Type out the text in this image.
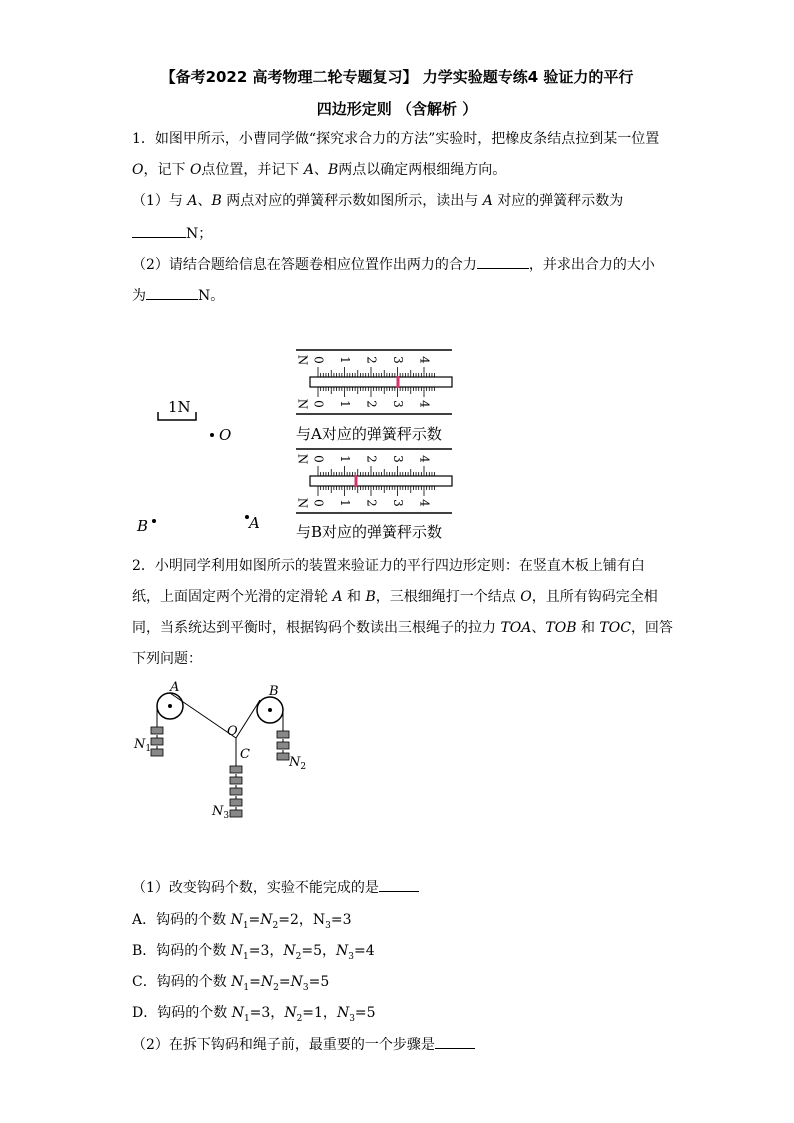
【备考2022 高考物理二轮专题复习】 力学实验题专练4 验证力的平行
四边形定则 （含解析 ）
1．如图甲所示，小曹同学做“探究求合力的方法”实验时，把橡皮条结点拉到某一位置
O，记下 O点位置，并记下 A、B两点以确定两根细绳方向。
（1）与 A、B 两点对应的弹簧秤示数如图所示，读出与 A 对应的弹簧秤示数为
N；
（2）请结合题给信息在答题卷相应位置作出两力的合力	，并求出合力的大小
为	N。
1N
O
A
B
0
0
1
1
2
2
3
3
4
4
N
N
与A对应的弹簧秤示数
0
0
1
1
2
2
3
3
4
4
N
N
与B对应的弹簧秤示数
2．小明同学利用如图所示的装置来验证力的平行四边形定则：在竖直木板上铺有白
纸，上面固定两个光滑的定滑轮 A 和 B，三根细绳打一个结点 O，且所有钩码完全相
同，当系统达到平衡时，根据钩码个数读出三根绳子的拉力 TOA、TOB 和 TOC，回答
下列问题：
A	B
O
C
$N_1$
$N_2$
$N_3$
（1）改变钩码个数，实验不能完成的是
A．钩码的个数 $N_1=N_2=2$，$N_3=3$
B．钩码的个数 $N_1=3$，$N_2=5$，$N_3=4$
C．钩码的个数 $N_1=N_2=N_3=5$
D．钩码的个数 $N_1=3$，$N_2=1$，$N_3=5$
（2）在拆下钩码和绳子前，最重要的一个步骤是
